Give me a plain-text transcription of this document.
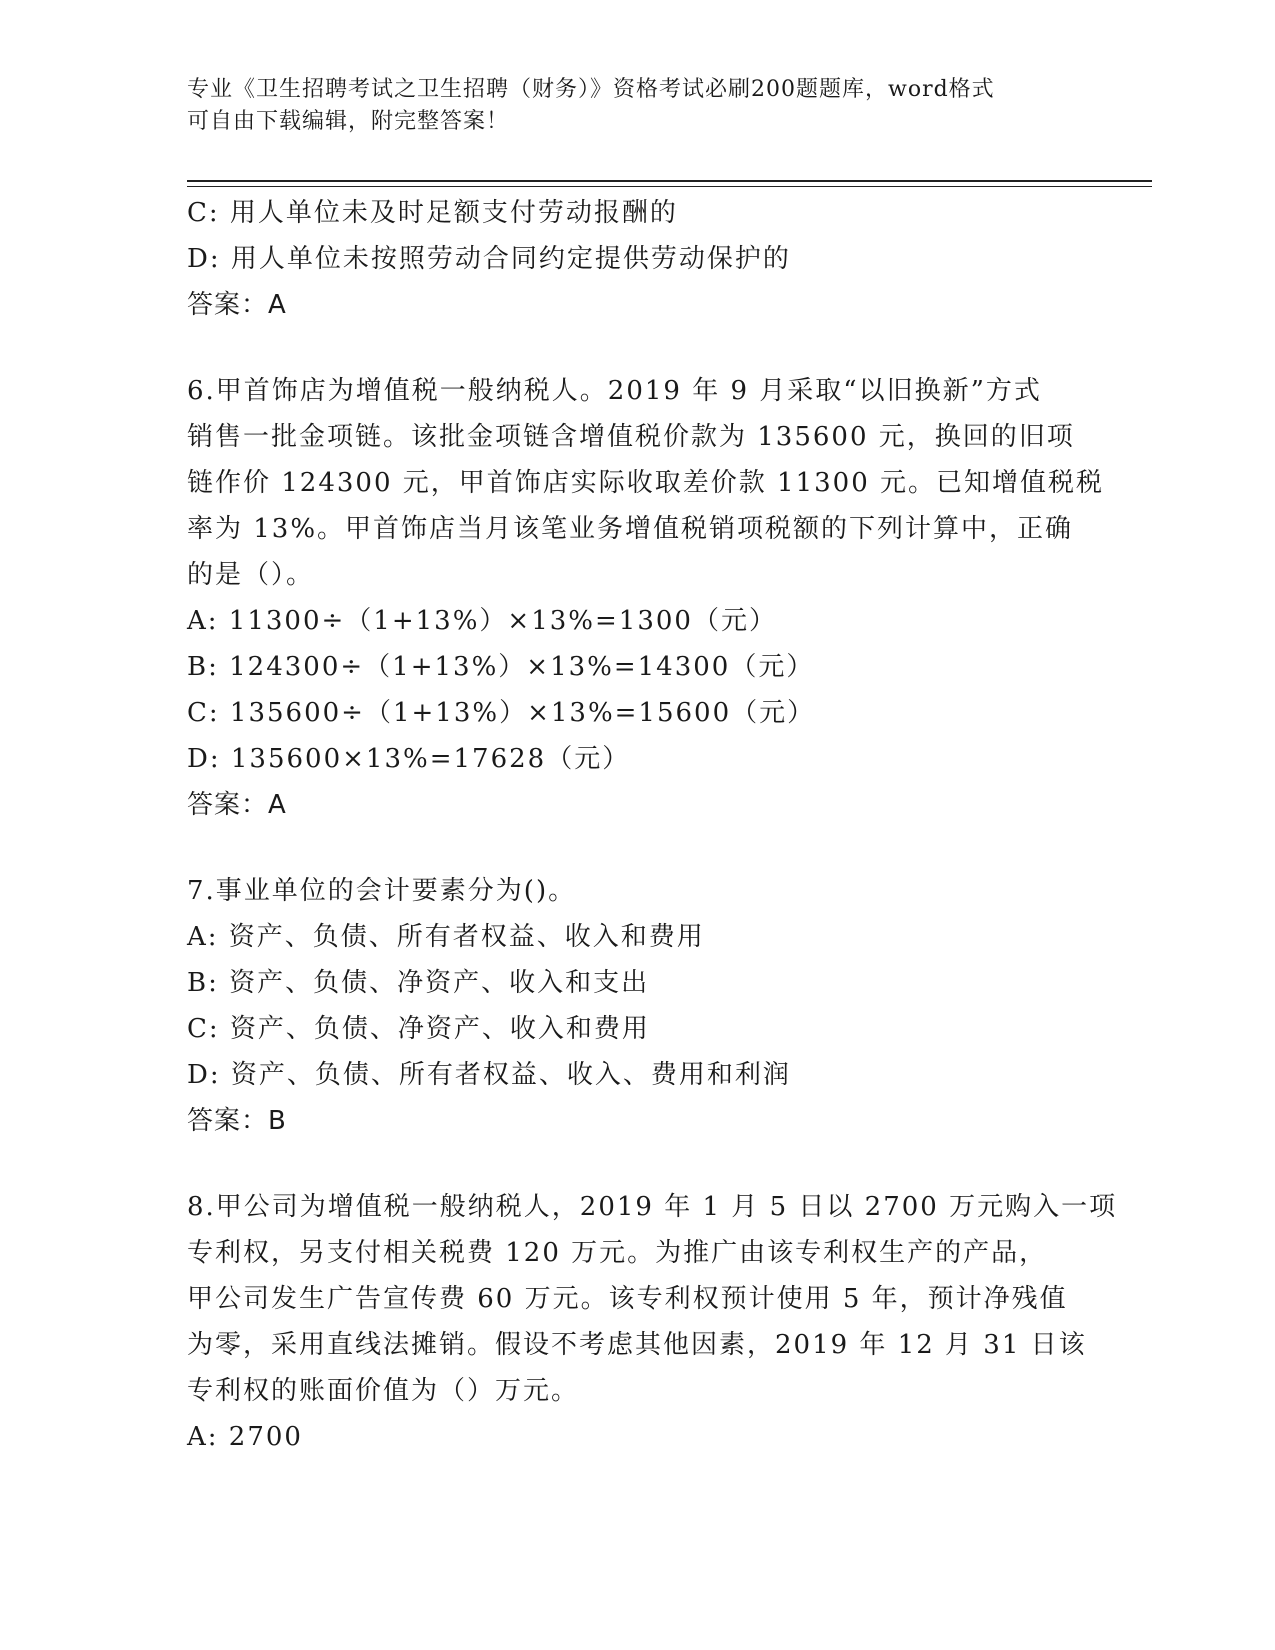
专业《卫生招聘考试之卫生招聘（财务）》资格考试必刷200题题库，word格式
可自由下载编辑，附完整答案！
C: 用人单位未及时足额支付劳动报酬的
D: 用人单位未按照劳动合同约定提供劳动保护的
答案：A
6.甲首饰店为增值税一般纳税人。2019 年 9 月采取“以旧换新”方式
销售一批金项链。该批金项链含增值税价款为 135600 元，换回的旧项
链作价 124300 元，甲首饰店实际收取差价款 11300 元。已知增值税税
率为 13%。甲首饰店当月该笔业务增值税销项税额的下列计算中，正确
的是（）。
A: 11300÷（1+13%）×13%=1300（元）
B: 124300÷（1+13%）×13%=14300（元）
C: 135600÷（1+13%）×13%=15600（元）
D: 135600×13%=17628（元）
答案：A
7.事业单位的会计要素分为()。
A: 资产、负债、所有者权益、收入和费用
B: 资产、负债、净资产、收入和支出
C: 资产、负债、净资产、收入和费用
D: 资产、负债、所有者权益、收入、费用和利润
答案：B
8.甲公司为增值税一般纳税人，2019 年 1 月 5 日以 2700 万元购入一项
专利权，另支付相关税费 120 万元。为推广由该专利权生产的产品，
甲公司发生广告宣传费 60 万元。该专利权预计使用 5 年，预计净残值
为零，采用直线法摊销。假设不考虑其他因素，2019 年 12 月 31 日该
专利权的账面价值为（）万元。
A: 2700
